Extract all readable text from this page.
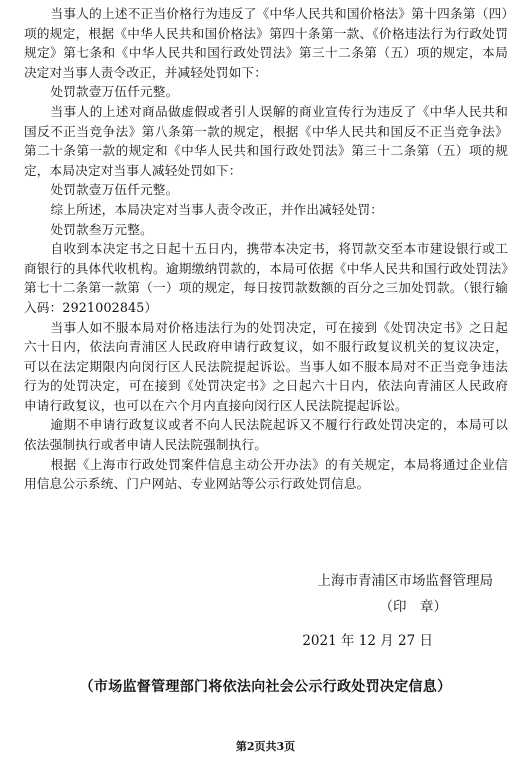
当事人的上述不正当价格行为违反了《中华人民共和国价格法》第十四条第（四）项的规定，根据《中华人民共和国价格法》第四十条第一款、《价格违法行为行政处罚规定》第七条和《中华人民共和国行政处罚法》第三十二条第（五）项的规定，本局决定对当事人责令改正，并减轻处罚如下：

处罚款壹万伍仟元整。

当事人的上述对商品做虚假或者引人误解的商业宣传行为违反了《中华人民共和国反不正当竞争法》第八条第一款的规定，根据《中华人民共和国反不正当竞争法》第二十条第一款的规定和《中华人民共和国行政处罚法》第三十二条第（五）项的规定，本局决定对当事人减轻处罚如下：

处罚款壹万伍仟元整。

综上所述，本局决定对当事人责令改正，并作出减轻处罚：

处罚款叁万元整。

自收到本决定书之日起十五日内，携带本决定书，将罚款交至本市建设银行或工商银行的具体代收机构。逾期缴纳罚款的，本局可依据《中华人民共和国行政处罚法》第七十二条第一款第（一）项的规定，每日按罚款数额的百分之三加处罚款。（银行输入码：2921002845）

当事人如不服本局对价格违法行为的处罚决定，可在接到《处罚决定书》之日起六十日内，依法向青浦区人民政府申请行政复议，如不服行政复议机关的复议决定，可以在法定期限内向闵行区人民法院提起诉讼。当事人如不服本局对不正当竞争违法行为的处罚决定，可在接到《处罚决定书》之日起六十日内，依法向青浦区人民政府申请行政复议，也可以在六个月内直接向闵行区人民法院提起诉讼。

逾期不申请行政复议或者不向人民法院起诉又不履行行政处罚决定的，本局可以依法强制执行或者申请人民法院强制执行。

根据《上海市行政处罚案件信息主动公开办法》的有关规定，本局将通过企业信用信息公示系统、门户网站、专业网站等公示行政处罚信息。

上海市青浦区市场监督管理局
（印　章）
2021 年 12 月 27 日
（市场监督管理部门将依法向社会公示行政处罚决定信息）
第2页共3页
